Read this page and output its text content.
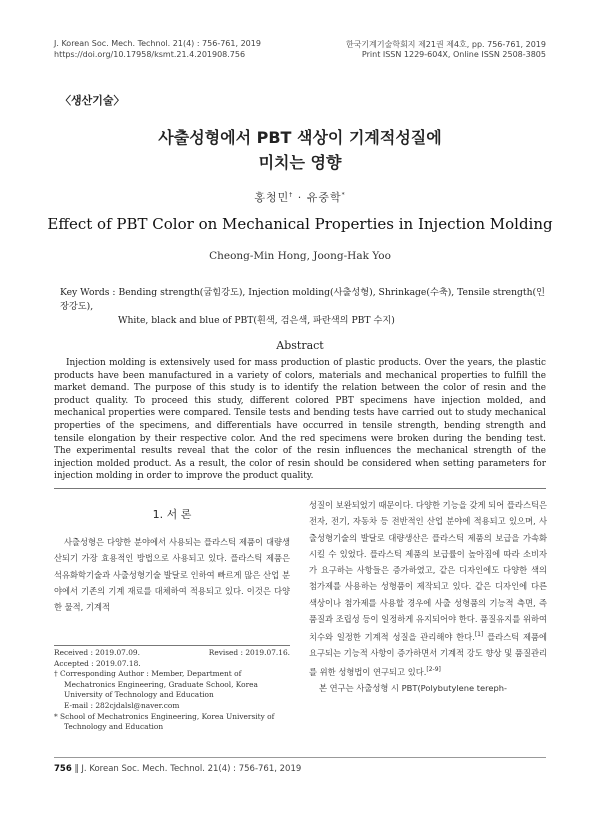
J. Korean Soc. Mech. Technol. 21(4) : 756-761, 2019
https://doi.org/10.17958/ksmt.21.4.201908.756
한국기계기술학회지 제21권 제4호, pp. 756-761, 2019
Print ISSN 1229-604X, Online ISSN 2508-3805
〈생산기술〉
사출성형에서 PBT 색상이 기계적성질에
미치는 영향
홍청민† · 유중학*
Effect of PBT Color on Mechanical Properties in Injection Molding
Cheong-Min Hong, Joong-Hak Yoo
Key Words : Bending strength(굽힘강도), Injection molding(사출성형), Shrinkage(수축), Tensile strength(인장강도),
White, black and blue of PBT(흰색, 검은색, 파란색의 PBT 수지)
Abstract
Injection molding is extensively used for mass production of plastic products. Over the years, the plastic products have been manufactured in a variety of colors, materials and mechanical properties to fulfill the market demand. The purpose of this study is to identify the relation between the color of resin and the product quality. To proceed this study, different colored PBT specimens have injection molded, and mechanical properties were compared. Tensile tests and bending tests have carried out to study mechanical properties of the specimens, and differentials have occurred in tensile strength, bending strength and tensile elongation by their respective color. And the red specimens were broken during the bending test. The experimental results reveal that the color of the resin influences the mechanical strength of the injection molded product. As a result, the color of resin should be considered when setting parameters for injection molding in order to improve the product quality.
1. 서 론
사출성형은 다양한 분야에서 사용되는 플라스틱 제품이 대량생산되기 가장 효용적인 방법으로 사용되고 있다. 플라스틱 제품은 석유화학기술과 사출성형기술 발달로 인하여 빠르게 많은 산업 분야에서 기존의 기계 재료를 대체하여 적용되고 있다. 이것은 다양한 물적, 기계적
성질이 보완되었기 때문이다. 다양한 기능을 갖게 되어 플라스틱은 전자, 전기, 자동차 등 전반적인 산업 분야에 적용되고 있으며, 사출성형기술의 발달로 대량생산은 플라스틱 제품의 보급을 가속화시킬 수 있었다. 플라스틱 제품의 보급률이 높아짐에 따라 소비자가 요구하는 사항들은 증가하였고, 같은 디자인에도 다양한 색의 첨가제를 사용하는 성형품이 제작되고 있다. 같은 디자인에 다른 색상이나 첨가제를 사용할 경우에 사출 성형품의 기능적 측면, 즉 품질과 조립성 등이 일정하게 유지되어야 한다. 품질유지를 위하여 치수와 일정한 기계적 성질을 관리해야 한다.[1] 플라스틱 제품에 요구되는 기능적 사항이 증가하면서 기계적 강도 향상 및 품질관리를 위한 성형법이 연구되고 있다.[2-9]
본 연구는 사출성형 시 PBT(Polybutylene tereph-
Received : 2019.07.09.	Revised : 2019.07.16.
Accepted : 2019.07.18.
† Corresponding Author : Member, Department of Mechatronics Engineering, Graduate School, Korea University of Technology and Education
E-mail : 282cjdalsl@naver.com
* School of Mechatronics Engineering, Korea University of Technology and Education
756 ‖ J. Korean Soc. Mech. Technol. 21(4) : 756-761, 2019
